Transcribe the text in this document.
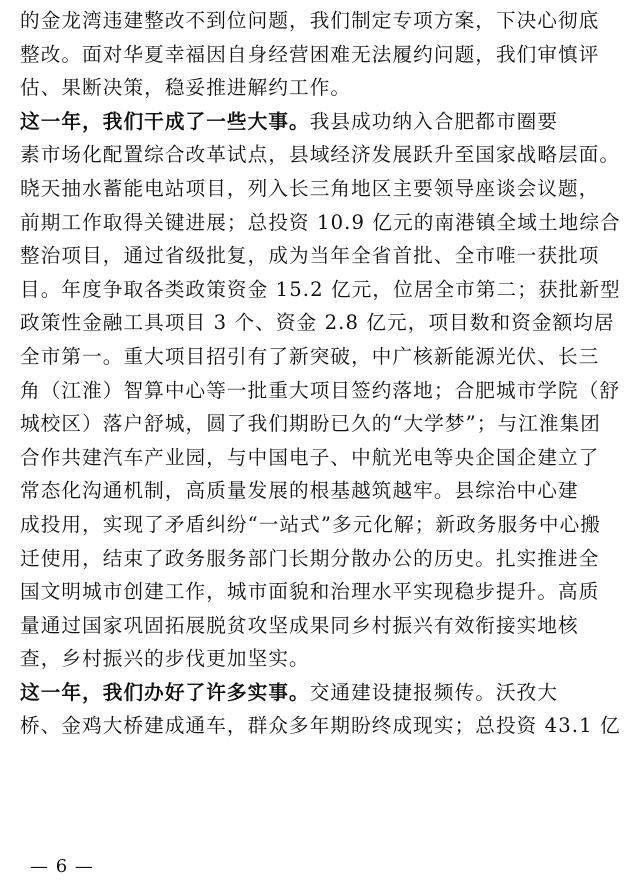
的金龙湾违建整改不到位问题，我们制定专项方案，下决心彻底
整改。面对华夏幸福因自身经营困难无法履约问题，我们审慎评
估、果断决策，稳妥推进解约工作。
这一年，我们干成了一些大事。我县成功纳入合肥都市圈要
素市场化配置综合改革试点，县域经济发展跃升至国家战略层面。
晓天抽水蓄能电站项目，列入长三角地区主要领导座谈会议题，
前期工作取得关键进展；总投资 10.9 亿元的南港镇全域土地综合
整治项目，通过省级批复，成为当年全省首批、全市唯一获批项
目。年度争取各类政策资金 15.2 亿元，位居全市第二；获批新型
政策性金融工具项目 3 个、资金 2.8 亿元，项目数和资金额均居
全市第一。重大项目招引有了新突破，中广核新能源光伏、长三
角（江淮）智算中心等一批重大项目签约落地；合肥城市学院（舒
城校区）落户舒城，圆了我们期盼已久的“大学梦”；与江淮集团
合作共建汽车产业园，与中国电子、中航光电等央企国企建立了
常态化沟通机制，高质量发展的根基越筑越牢。县综治中心建
成投用，实现了矛盾纠纷“一站式”多元化解；新政务服务中心搬
迁使用，结束了政务服务部门长期分散办公的历史。扎实推进全
国文明城市创建工作，城市面貌和治理水平实现稳步提升。高质
量通过国家巩固拓展脱贫攻坚成果同乡村振兴有效衔接实地核
查，乡村振兴的步伐更加坚实。
这一年，我们办好了许多实事。交通建设捷报频传。沃孜大
桥、金鸡大桥建成通车，群众多年期盼终成现实；总投资 43.1 亿
— 6 —
